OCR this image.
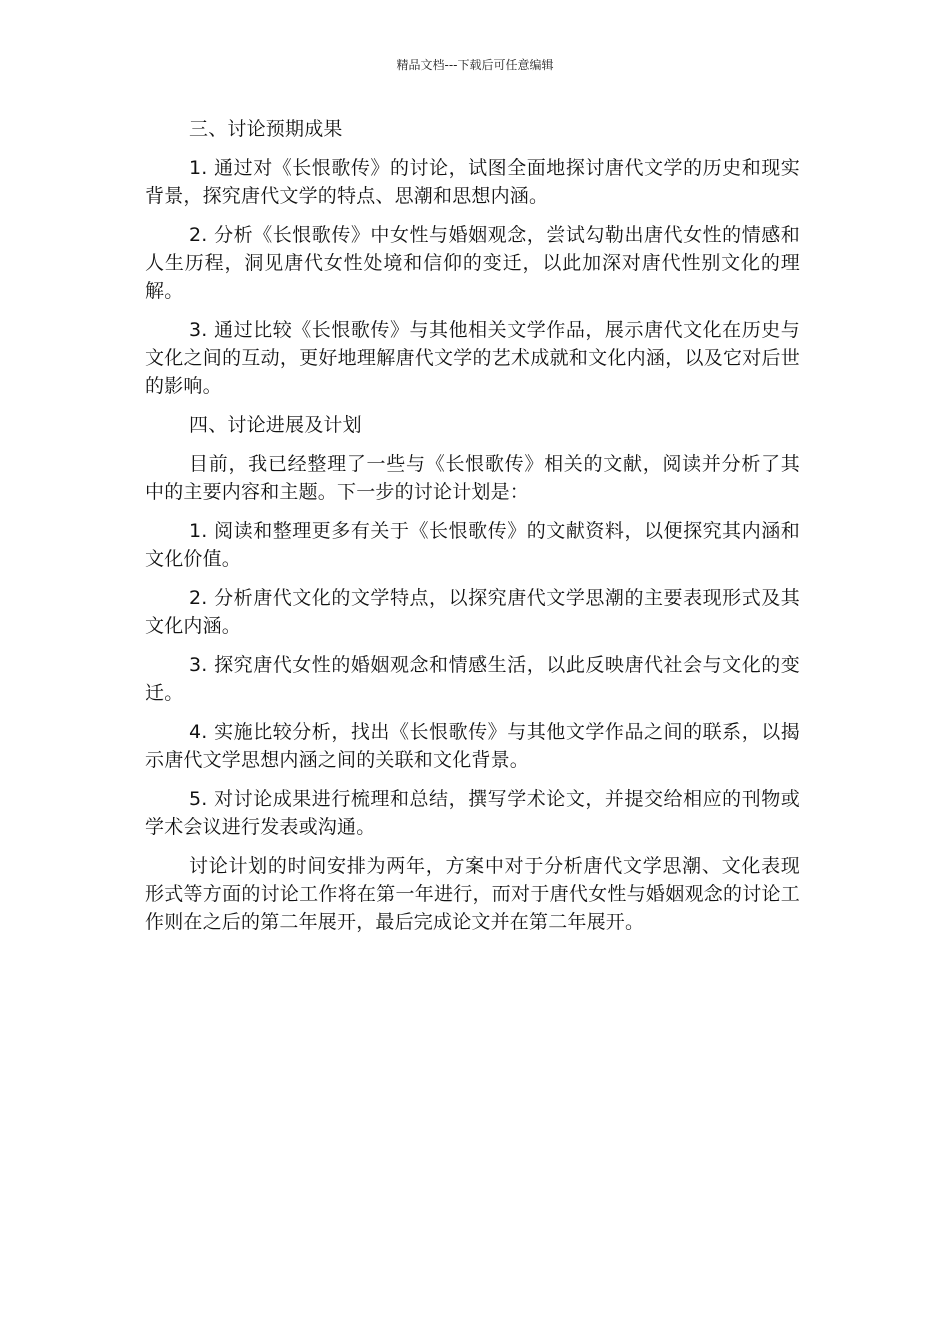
精品文档---下载后可任意编辑

三、讨论预期成果

1. 通过对《长恨歌传》的讨论，试图全面地探讨唐代文学的历史和现实背景，探究唐代文学的特点、思潮和思想内涵。

2. 分析《长恨歌传》中女性与婚姻观念，尝试勾勒出唐代女性的情感和人生历程，洞见唐代女性处境和信仰的变迁，以此加深对唐代性别文化的理解。

3. 通过比较《长恨歌传》与其他相关文学作品，展示唐代文化在历史与文化之间的互动，更好地理解唐代文学的艺术成就和文化内涵，以及它对后世的影响。

四、讨论进展及计划

目前，我已经整理了一些与《长恨歌传》相关的文献，阅读并分析了其中的主要内容和主题。下一步的讨论计划是：

1. 阅读和整理更多有关于《长恨歌传》的文献资料，以便探究其内涵和文化价值。

2. 分析唐代文化的文学特点，以探究唐代文学思潮的主要表现形式及其文化内涵。

3. 探究唐代女性的婚姻观念和情感生活，以此反映唐代社会与文化的变迁。

4. 实施比较分析，找出《长恨歌传》与其他文学作品之间的联系，以揭示唐代文学思想内涵之间的关联和文化背景。

5. 对讨论成果进行梳理和总结，撰写学术论文，并提交给相应的刊物或学术会议进行发表或沟通。

讨论计划的时间安排为两年，方案中对于分析唐代文学思潮、文化表现形式等方面的讨论工作将在第一年进行，而对于唐代女性与婚姻观念的讨论工作则在之后的第二年展开，最后完成论文并在第二年展开。
